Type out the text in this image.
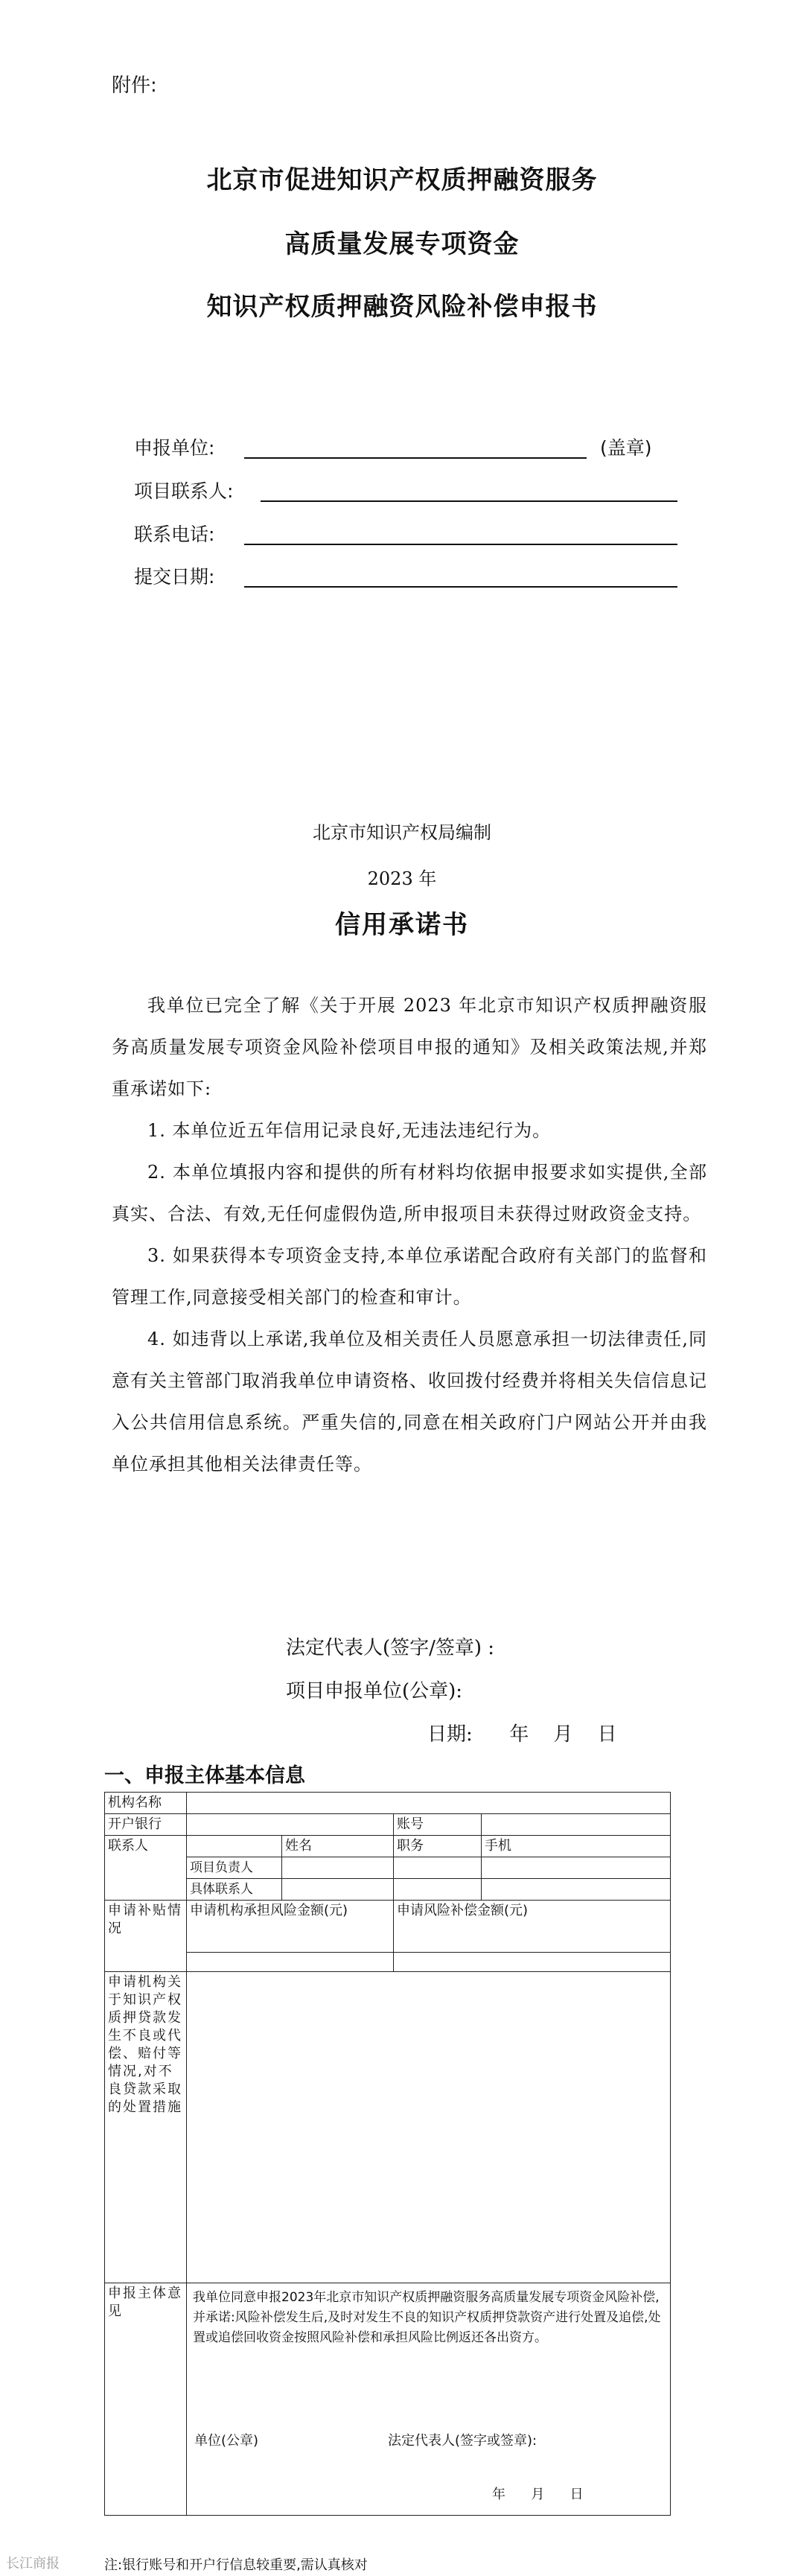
附件:
北京市促进知识产权质押融资服务
高质量发展专项资金
知识产权质押融资风险补偿申报书
申报单位:	(盖章)
项目联系人:
联系电话:
提交日期:
北京市知识产权局编制
2023 年
信用承诺书

我单位已完全了解《关于开展 2023 年北京市知识产权质押融资服务高质量发展专项资金风险补偿项目申报的通知》及相关政策法规,并郑重承诺如下:

1. 本单位近五年信用记录良好,无违法违纪行为。

2. 本单位填报内容和提供的所有材料均依据申报要求如实提供,全部真实、合法、有效,无任何虚假伪造,所申报项目未获得过财政资金支持。

3. 如果获得本专项资金支持,本单位承诺配合政府有关部门的监督和管理工作,同意接受相关部门的检查和审计。

4. 如违背以上承诺,我单位及相关责任人员愿意承担一切法律责任,同意有关主管部门取消我单位申请资格、收回拨付经费并将相关失信信息记入公共信用信息系统。严重失信的,同意在相关政府门户网站公开并由我单位承担其他相关法律责任等。

法定代表人(签字/签章) :
项目申报单位(公章):
日期:      年    月    日
一、申报主体基本信息
机构名称				
开户银行			账号	
联系人		姓名	职务	手机
	项目负责人			
	具体联系人			
申请补贴情况	申请机构承担风险金额(元)		申请风险补偿金额(元)	

申请机构关于知识产权质押贷款发生不良或代偿、赔付等情况,对不良贷款采取的处置措施				
申报主体意见	我单位同意申报2023年北京市知识产权质押融资服务高质量发展专项资金风险补偿,并承诺:风险补偿发生后,及时对发生不良的知识产权质押贷款资产进行处置及追偿,处置或追偿回收资金按照风险补偿和承担风险比例返还各出资方。
单位(公章) 法定代表人(签字或签章):
年      月      日			
注:银行账号和开户行信息较重要,需认真核对
长江商报
